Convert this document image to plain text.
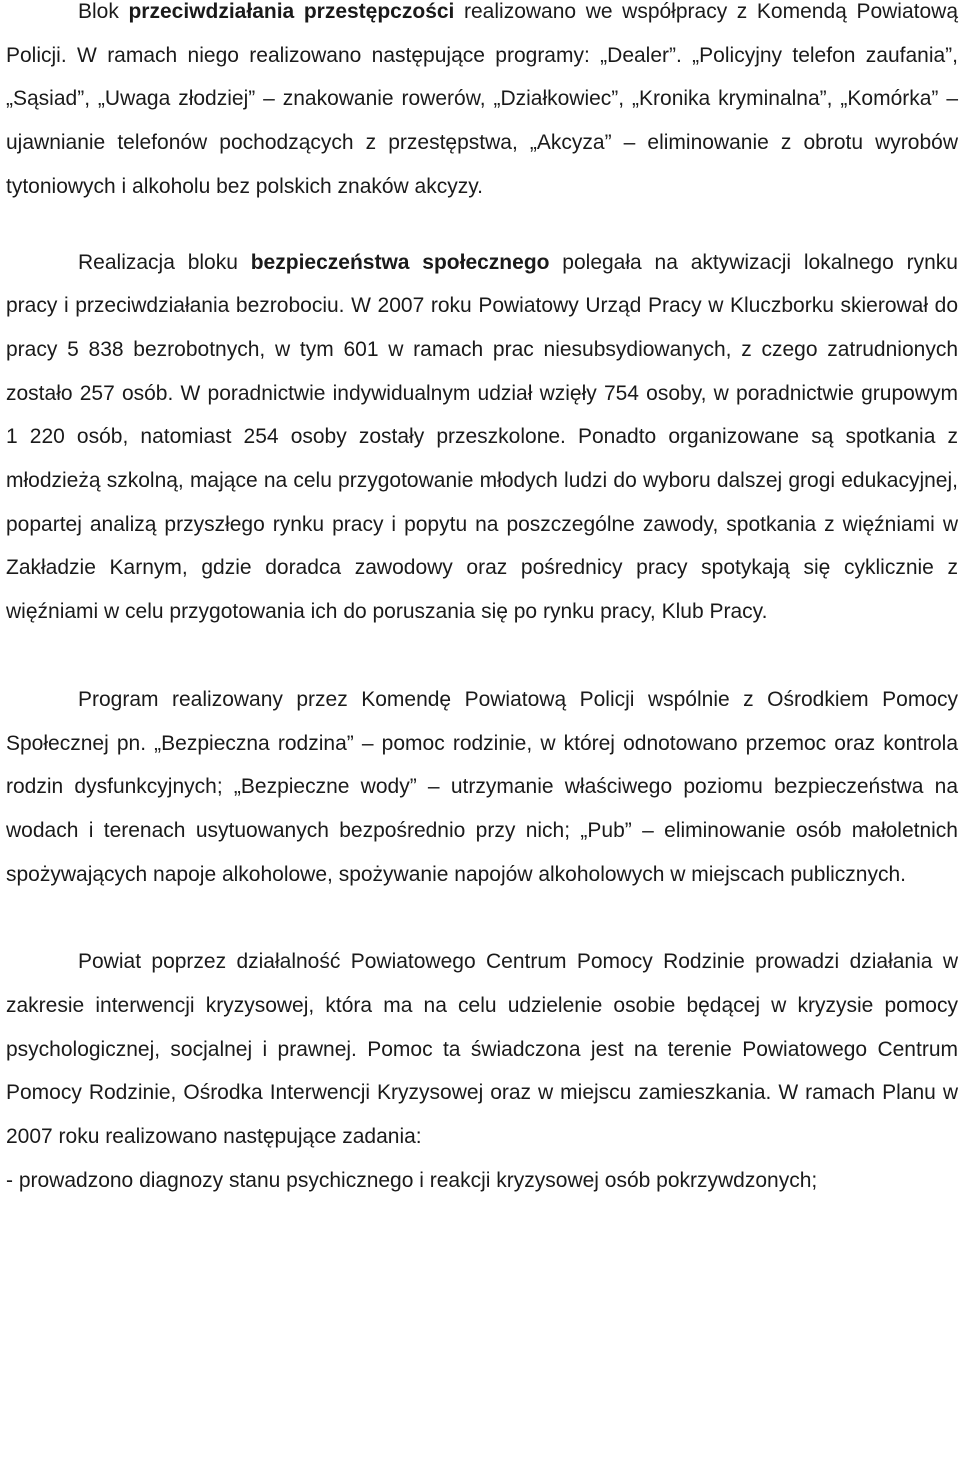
Blok przeciwdziałania przestępczości realizowano we współpracy z Komendą Powiatową Policji. W ramach niego realizowano następujące programy: „Dealer”. „Policyjny telefon zaufania”, „Sąsiad”, „Uwaga złodziej” – znakowanie rowerów, „Działkowiec”, „Kronika kryminalna”, „Komórka” – ujawnianie telefonów pochodzących z przestępstwa, „Akcyza” – eliminowanie z obrotu wyrobów tytoniowych i alkoholu bez polskich znaków akcyzy.

Realizacja bloku bezpieczeństwa społecznego polegała na aktywizacji lokalnego rynku pracy i przeciwdziałania bezrobociu. W 2007 roku Powiatowy Urząd Pracy w Kluczborku skierował do pracy 5 838 bezrobotnych, w tym 601 w ramach prac niesubsydiowanych, z czego zatrudnionych zostało 257 osób. W poradnictwie indywidualnym udział wzięły 754 osoby, w poradnictwie grupowym 1 220 osób, natomiast 254 osoby zostały przeszkolone. Ponadto organizowane są spotkania z młodzieżą szkolną, mające na celu przygotowanie młodych ludzi do wyboru dalszej grogi edukacyjnej, popartej analizą przyszłego rynku pracy i popytu na poszczególne zawody, spotkania z więźniami w Zakładzie Karnym, gdzie doradca zawodowy oraz pośrednicy pracy spotykają się cyklicznie z więźniami w celu przygotowania ich do poruszania się po rynku pracy, Klub Pracy.

Program realizowany przez Komendę Powiatową Policji wspólnie z Ośrodkiem Pomocy Społecznej pn. „Bezpieczna rodzina” – pomoc rodzinie, w której odnotowano przemoc oraz kontrola rodzin dysfunkcyjnych; „Bezpieczne wody” – utrzymanie właściwego poziomu bezpieczeństwa na wodach i terenach usytuowanych bezpośrednio przy nich; „Pub” – eliminowanie osób małoletnich spożywających napoje alkoholowe, spożywanie napojów alkoholowych w miejscach publicznych.

Powiat poprzez działalność Powiatowego Centrum Pomocy Rodzinie prowadzi działania w zakresie interwencji kryzysowej, która ma na celu udzielenie osobie będącej w kryzysie pomocy psychologicznej, socjalnej i prawnej. Pomoc ta świadczona jest na terenie Powiatowego Centrum Pomocy Rodzinie, Ośrodka Interwencji Kryzysowej oraz w miejscu zamieszkania. W ramach Planu w 2007 roku realizowano następujące zadania:

- prowadzono diagnozy stanu psychicznego i reakcji kryzysowej osób pokrzywdzonych;
